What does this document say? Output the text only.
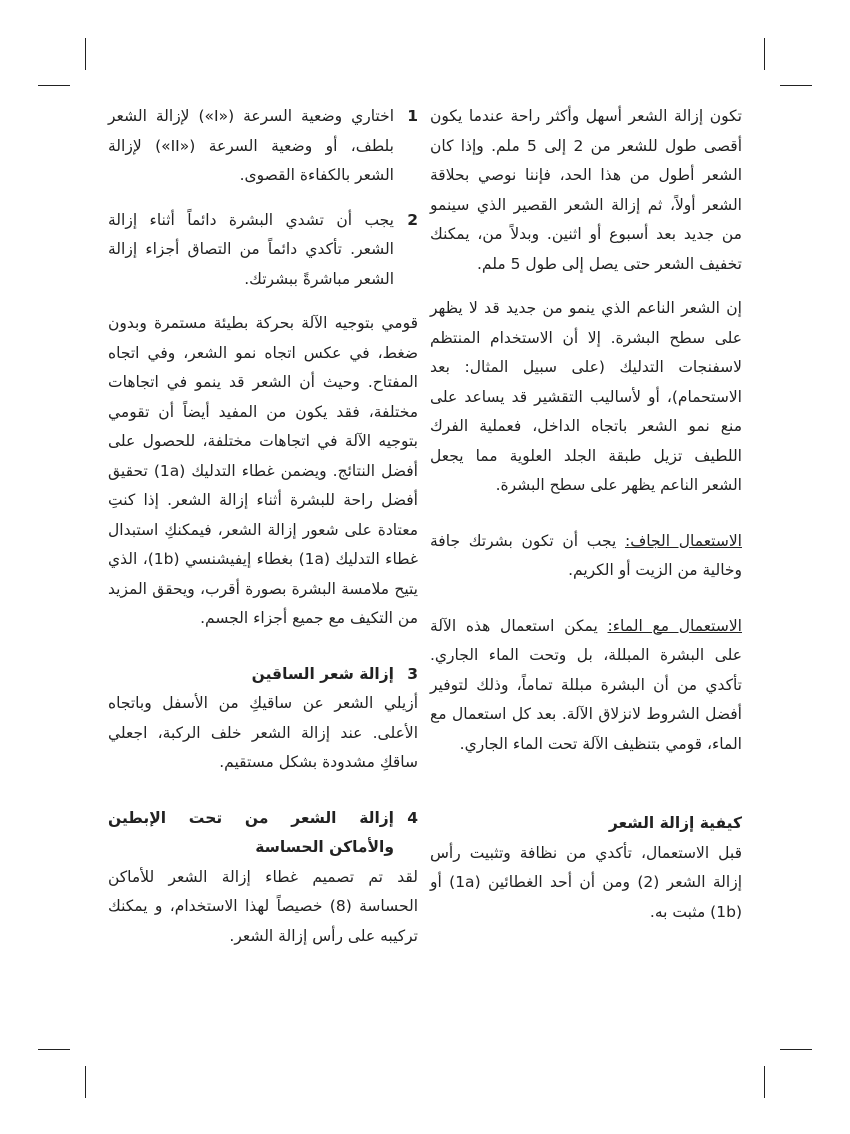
تكون إزالة الشعر أسهل وأكثر راحة عندما يكون أقصى طول للشعر من 2 إلى 5 ملم. وإذا كان الشعر أطول من هذا الحد، فإننا نوصي بحلاقة الشعر أولاً، ثم إزالة الشعر القصير الذي سينمو من جديد بعد أسبوع أو اثنين. وبدلاً من، يمكنك تخفيف الشعر حتى يصل إلى طول 5 ملم.

إن الشعر الناعم الذي ينمو من جديد قد لا يظهر على سطح البشرة. إلا أن الاستخدام المنتظم لاسفنجات التدليك (على سبيل المثال: بعد الاستحمام)، أو لأساليب التقشير قد يساعد على منع نمو الشعر باتجاه الداخل، فعملية الفرك اللطيف تزيل طبقة الجلد العلوية مما يجعل الشعر الناعم يظهر على سطح البشرة.

الاستعمال الجاف: يجب أن تكون بشرتك جافة وخالية من الزيت أو الكريم.

الاستعمال مع الماء: يمكن استعمال هذه الآلة على البشرة المبللة، بل وتحت الماء الجاري. تأكدي من أن البشرة مبللة تماماً، وذلك لتوفير أفضل الشروط لانزلاق الآلة. بعد كل استعمال مع الماء، قومي بتنظيف الآلة تحت الماء الجاري.

كيفية إزالة الشعر

قبل الاستعمال، تأكدي من نظافة وتثبيت رأس إزالة الشعر (2) ومن أن أحد الغطائين (1a) أو (1b) مثبت به.

1
اختاري وضعية السرعة («I») لإزالة الشعر بلطف، أو وضعية السرعة («II») لإزالة الشعر بالكفاءة القصوى.
2
يجب أن تشدي البشرة دائماً أثناء إزالة الشعر. تأكدي دائماً من التصاق أجزاء إزالة الشعر مباشرةً ببشرتك.

قومي بتوجيه الآلة بحركة بطيئة مستمرة وبدون ضغط، في عكس اتجاه نمو الشعر، وفي اتجاه المفتاح. وحيث أن الشعر قد ينمو في اتجاهات مختلفة، فقد يكون من المفيد أيضاً أن تقومي بتوجيه الآلة في اتجاهات مختلفة، للحصول على أفضل النتائج. ويضمن غطاء التدليك (1a) تحقيق أفضل راحة للبشرة أثناء إزالة الشعر. إذا كنتِ معتادة على شعور إزالة الشعر، فيمكنكِ استبدال غطاء التدليك (1a) بغطاء إيفيشنسي (1b)، الذي يتيح ملامسة البشرة بصورة أقرب، ويحقق المزيد من التكيف مع جميع أجزاء الجسم.

3
إزالة شعر الساقين

أزيلي الشعر عن ساقيكِ من الأسفل وباتجاه الأعلى. عند إزالة الشعر خلف الركبة، اجعلي ساقكِ مشدودة بشكل مستقيم.

4
إزالة الشعر من تحت الإبطين والأماكن الحساسة

لقد تم تصميم غطاء إزالة الشعر للأماكن الحساسة (8) خصيصاً لهذا الاستخدام، و يمكنك تركيبه على رأس إزالة الشعر.
